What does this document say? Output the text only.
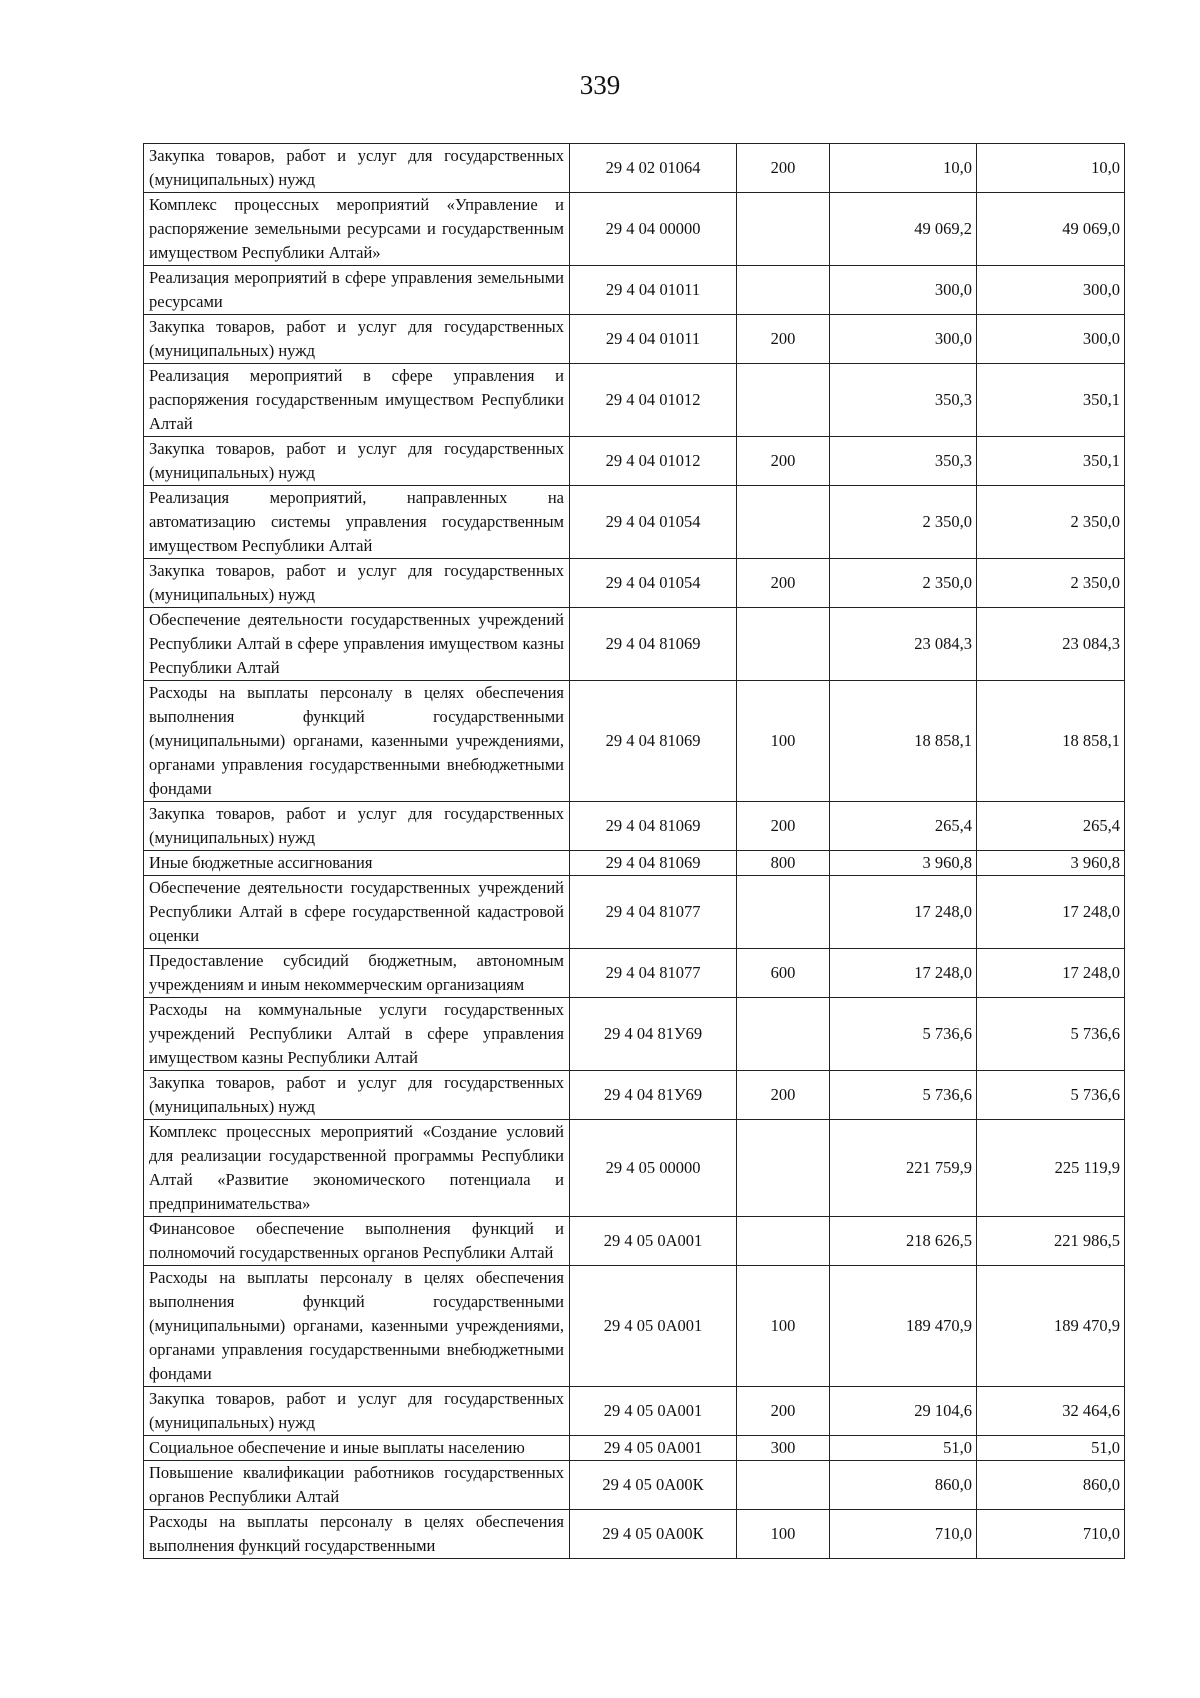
339
Закупка товаров, работ и услуг для государственных (муниципальных) нужд	29 4 02 01064	200	10,0	10,0
Комплекс процессных мероприятий «Управление и распоряжение земельными ресурсами и государственным имуществом Республики Алтай»	29 4 04 00000		49 069,2	49 069,0
Реализация мероприятий в сфере управления земельными ресурсами	29 4 04 01011		300,0	300,0
Закупка товаров, работ и услуг для государственных (муниципальных) нужд	29 4 04 01011	200	300,0	300,0
Реализация мероприятий в сфере управления и распоряжения государственным имуществом Республики Алтай	29 4 04 01012		350,3	350,1
Закупка товаров, работ и услуг для государственных (муниципальных) нужд	29 4 04 01012	200	350,3	350,1
Реализация мероприятий, направленных на автоматизацию системы управления государственным имуществом Республики Алтай	29 4 04 01054		2 350,0	2 350,0
Закупка товаров, работ и услуг для государственных (муниципальных) нужд	29 4 04 01054	200	2 350,0	2 350,0
Обеспечение деятельности государственных учреждений Республики Алтай в сфере управления имуществом казны Республики Алтай	29 4 04 81069		23 084,3	23 084,3
Расходы на выплаты персоналу в целях обеспечения выполнения функций государственными (муниципальными) органами, казенными учреждениями, органами управления государственными внебюджетными фондами	29 4 04 81069	100	18 858,1	18 858,1
Закупка товаров, работ и услуг для государственных (муниципальных) нужд	29 4 04 81069	200	265,4	265,4
Иные бюджетные ассигнования	29 4 04 81069	800	3 960,8	3 960,8
Обеспечение деятельности государственных учреждений Республики Алтай в сфере государственной кадастровой оценки	29 4 04 81077		17 248,0	17 248,0
Предоставление субсидий бюджетным, автономным учреждениям и иным некоммерческим организациям	29 4 04 81077	600	17 248,0	17 248,0
Расходы на коммунальные услуги государственных учреждений Республики Алтай в сфере управления имуществом казны Республики Алтай	29 4 04 81У69		5 736,6	5 736,6
Закупка товаров, работ и услуг для государственных (муниципальных) нужд	29 4 04 81У69	200	5 736,6	5 736,6
Комплекс процессных мероприятий «Создание условий для реализации государственной программы Республики Алтай «Развитие экономического потенциала и предпринимательства»	29 4 05 00000		221 759,9	225 119,9
Финансовое обеспечение выполнения функций и полномочий государственных органов Республики Алтай	29 4 05 0А001		218 626,5	221 986,5
Расходы на выплаты персоналу в целях обеспечения выполнения функций государственными (муниципальными) органами, казенными учреждениями, органами управления государственными внебюджетными фондами	29 4 05 0А001	100	189 470,9	189 470,9
Закупка товаров, работ и услуг для государственных (муниципальных) нужд	29 4 05 0А001	200	29 104,6	32 464,6
Социальное обеспечение и иные выплаты населению	29 4 05 0А001	300	51,0	51,0
Повышение квалификации работников государственных органов Республики Алтай	29 4 05 0А00К		860,0	860,0
Расходы на выплаты персоналу в целях обеспечения выполнения функций государственными	29 4 05 0А00К	100	710,0	710,0
